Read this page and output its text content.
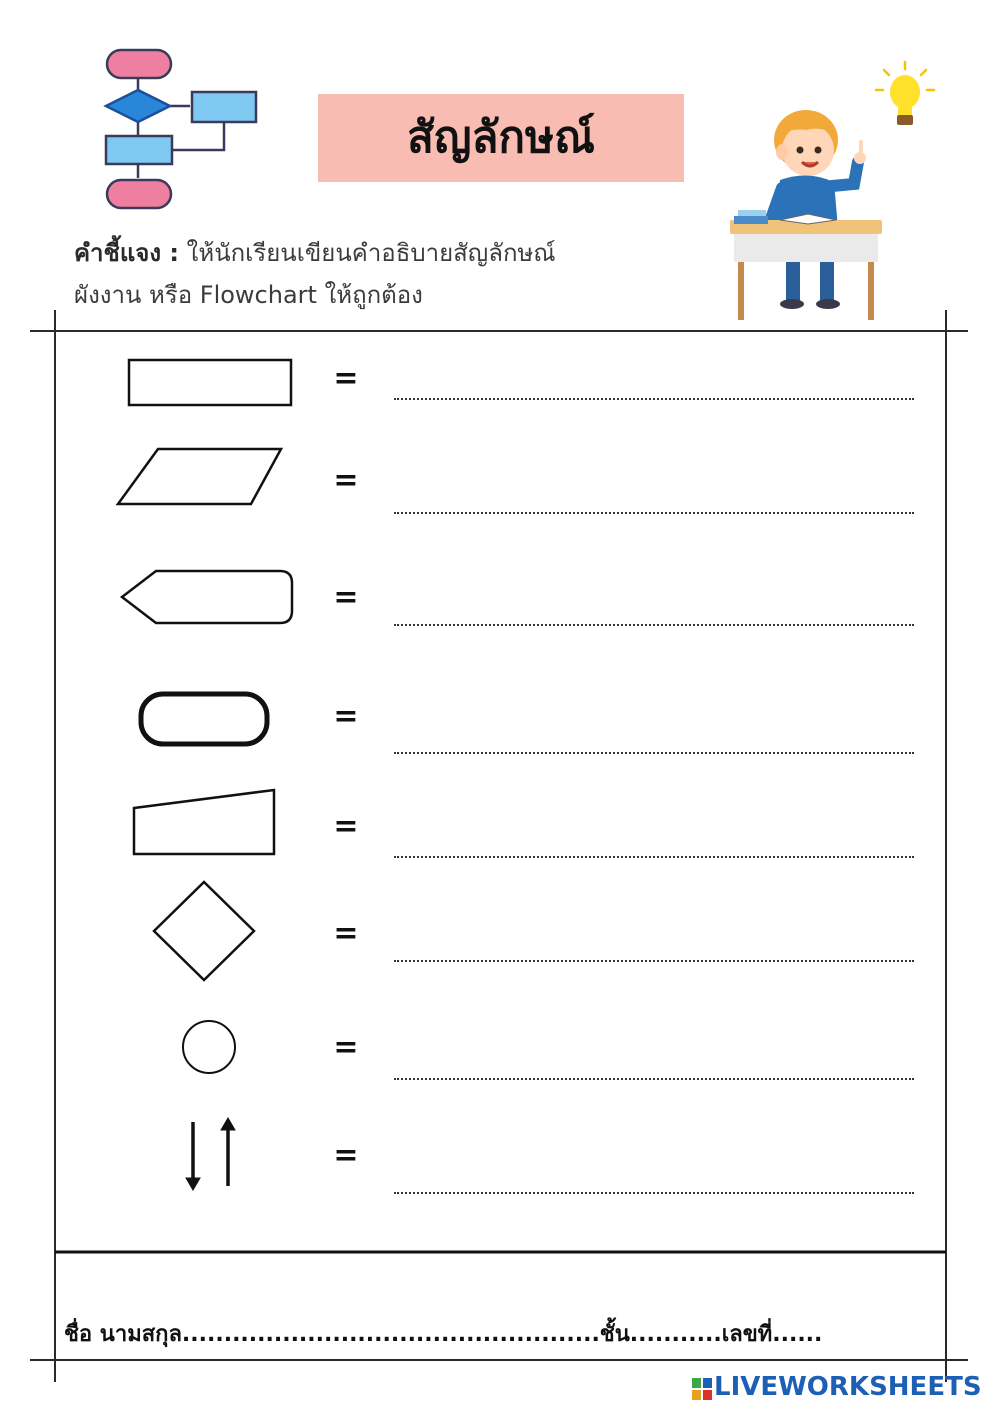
สัญลักษณ์
คำชี้แจง : ให้นักเรียนเขียนคำอธิบายสัญลักษณ์
ผังงาน หรือ Flowchart ให้ถูกต้อง
=
=
=
=
=
=
=
=
ชื่อ นามสกุล..................................................ชั้น...........เลขที่......
LIVEWORKSHEETS
